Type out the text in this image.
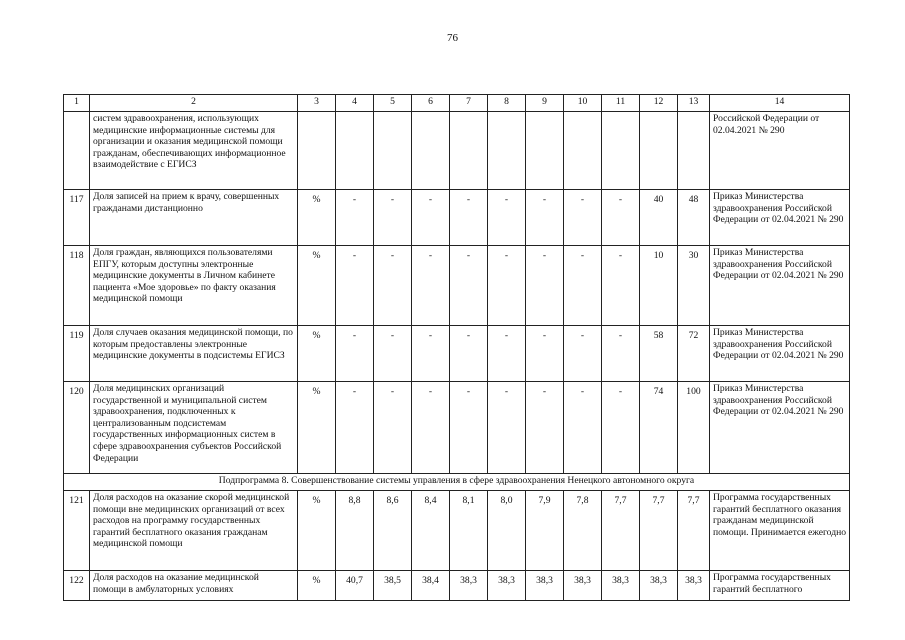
76
1	2	3	4	5	6	7	8	9	10	11	12	13	14
	систем здравоохранения, использующих медицинские информационные системы для организации и оказания медицинской помощи гражданам, обеспечивающих информационное взаимодействие с ЕГИСЗ												Российской Федерации от 02.04.2021 № 290
117	Доля записей на прием к врачу, совершенных гражданами дистанционно	%	-	-	-	-	-	-	-	-	40	48	Приказ Министерства здравоохранения Российской Федерации от 02.04.2021 № 290
118	Доля граждан, являющихся пользователями ЕПГУ, которым доступны электронные медицинские документы в Личном кабинете пациента «Мое здоровье» по факту оказания медицинской помощи	%	-	-	-	-	-	-	-	-	10	30	Приказ Министерства здравоохранения Российской Федерации от 02.04.2021 № 290
119	Доля случаев оказания медицинской помощи, по которым предоставлены электронные медицинские документы в подсистемы ЕГИСЗ	%	-	-	-	-	-	-	-	-	58	72	Приказ Министерства здравоохранения Российской Федерации от 02.04.2021 № 290
120	Доля медицинских организаций государственной и муниципальной систем здравоохранения, подключенных к централизованным подсистемам государственных информационных систем в сфере здравоохранения субъектов Российской Федерации	%	-	-	-	-	-	-	-	-	74	100	Приказ Министерства здравоохранения Российской Федерации от 02.04.2021 № 290
Подпрограмма 8. Совершенствование системы управления в сфере здравоохранения Ненецкого автономного округа													
121	Доля расходов на оказание скорой медицинской помощи вне медицинских организаций от всех расходов на программу государственных гарантий бесплатного оказания гражданам медицинской помощи	%	8,8	8,6	8,4	8,1	8,0	7,9	7,8	7,7	7,7	7,7	Программа государственных гарантий бесплатного оказания гражданам медицинской помощи. Принимается ежегодно
122	Доля расходов на оказание медицинской помощи в амбулаторных условиях	%	40,7	38,5	38,4	38,3	38,3	38,3	38,3	38,3	38,3	38,3	Программа государственных гарантий бесплатного
